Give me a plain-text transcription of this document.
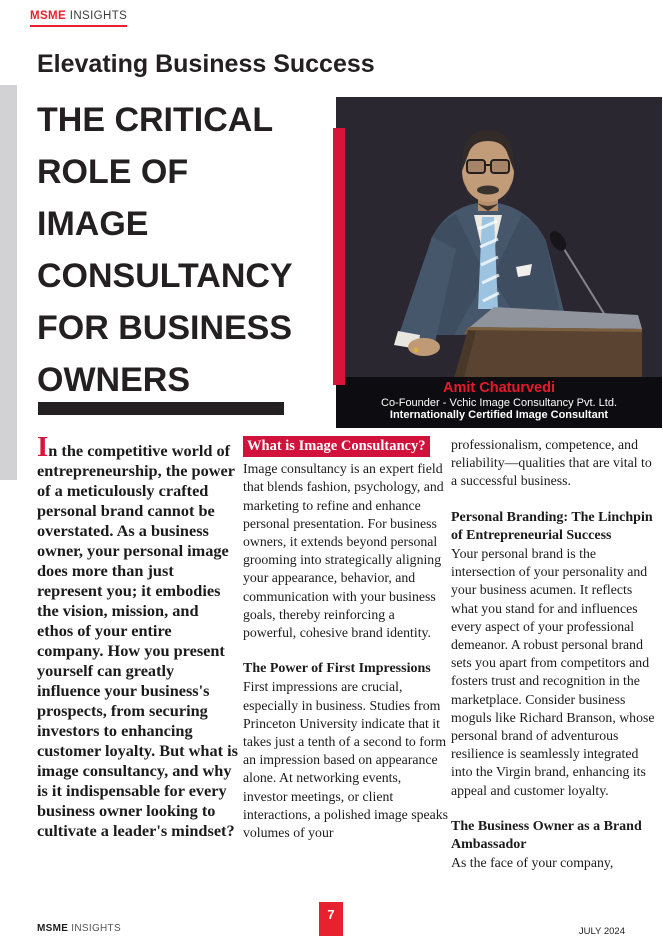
MSME INSIGHTS
Elevating Business Success
THE CRITICAL
ROLE OF
IMAGE
CONSULTANCY
FOR BUSINESS
OWNERS	Amit Chaturvedi
Co-Founder - Vchic Image Consultancy Pvt. Ltd.
Internationally Certified Image Consultant

In the competitive world of entrepreneurship, the power of a meticulously crafted personal brand cannot be overstated. As a business owner, your personal image does more than just represent you; it embodies the vision, mission, and ethos of your entire company. How you present yourself can greatly influence your business's prospects, from securing investors to enhancing customer loyalty. But what is image consultancy, and why is it indispensable for every business owner looking to cultivate a leader's mindset?

What is Image Consultancy?

Image consultancy is an expert field that blends fashion, psychology, and marketing to refine and enhance personal presentation. For business owners, it extends beyond personal grooming into strategically aligning your appearance, behavior, and communication with your business goals, thereby reinforcing a powerful, cohesive brand identity.

The Power of First Impressions

First impressions are crucial, especially in business. Studies from Princeton University indicate that it takes just a tenth of a second to form an impression based on appearance alone. At networking events, investor meetings, or client interactions, a polished image speaks volumes of your

professionalism, competence, and reliability—qualities that are vital to a successful business.

Personal Branding: The Linchpin of Entrepreneurial Success

Your personal brand is the intersection of your personality and your business acumen. It reflects what you stand for and influences every aspect of your professional demeanor. A robust personal brand sets you apart from competitors and fosters trust and recognition in the marketplace. Consider business moguls like Richard Branson, whose personal brand of adventurous resilience is seamlessly integrated into the Virgin brand, enhancing its appeal and customer loyalty.

The Business Owner as a Brand Ambassador

As the face of your company,

MSME INSIGHTS
7
JULY 2024
